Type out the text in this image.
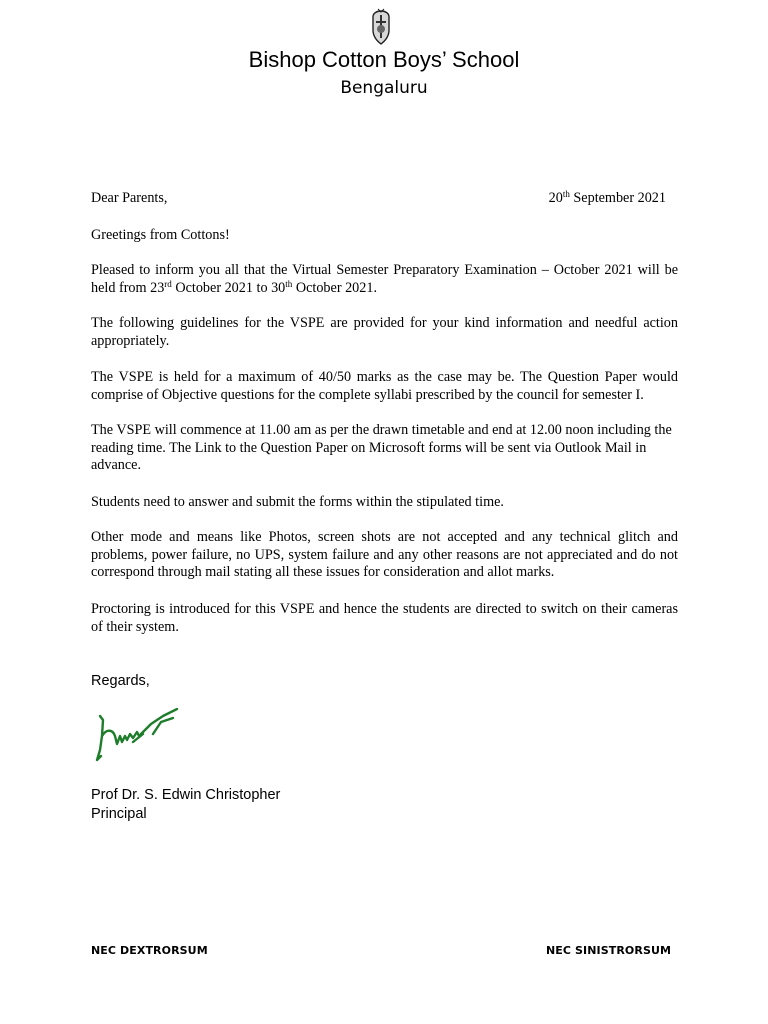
Bishop Cotton Boys’ School
Bengaluru
Dear Parents,	20th September 2021

Greetings from Cottons!

Pleased to inform you all that the Virtual Semester Preparatory Examination – October 2021 will be held from 23rd October 2021 to 30th October 2021.

The following guidelines for the VSPE are provided for your kind information and needful action appropriately.

The VSPE is held for a maximum of 40/50 marks as the case may be. The Question Paper would comprise of Objective questions for the complete syllabi prescribed by the council for semester I.

The VSPE will commence at 11.00 am as per the drawn timetable and end at 12.00 noon including the reading time. The Link to the Question Paper on Microsoft forms will be sent via Outlook Mail in advance.

Students need to answer and submit the forms within the stipulated time.

Other mode and means like Photos, screen shots are not accepted and any technical glitch and problems, power failure, no UPS, system failure and any other reasons are not appreciated and do not correspond through mail stating all these issues for consideration and allot marks.

Proctoring is introduced for this VSPE and hence the students are directed to switch on their cameras of their system.

Regards,
Prof Dr. S. Edwin Christopher
Principal
NEC DEXTRORSUM	NEC SINISTRORSUM
